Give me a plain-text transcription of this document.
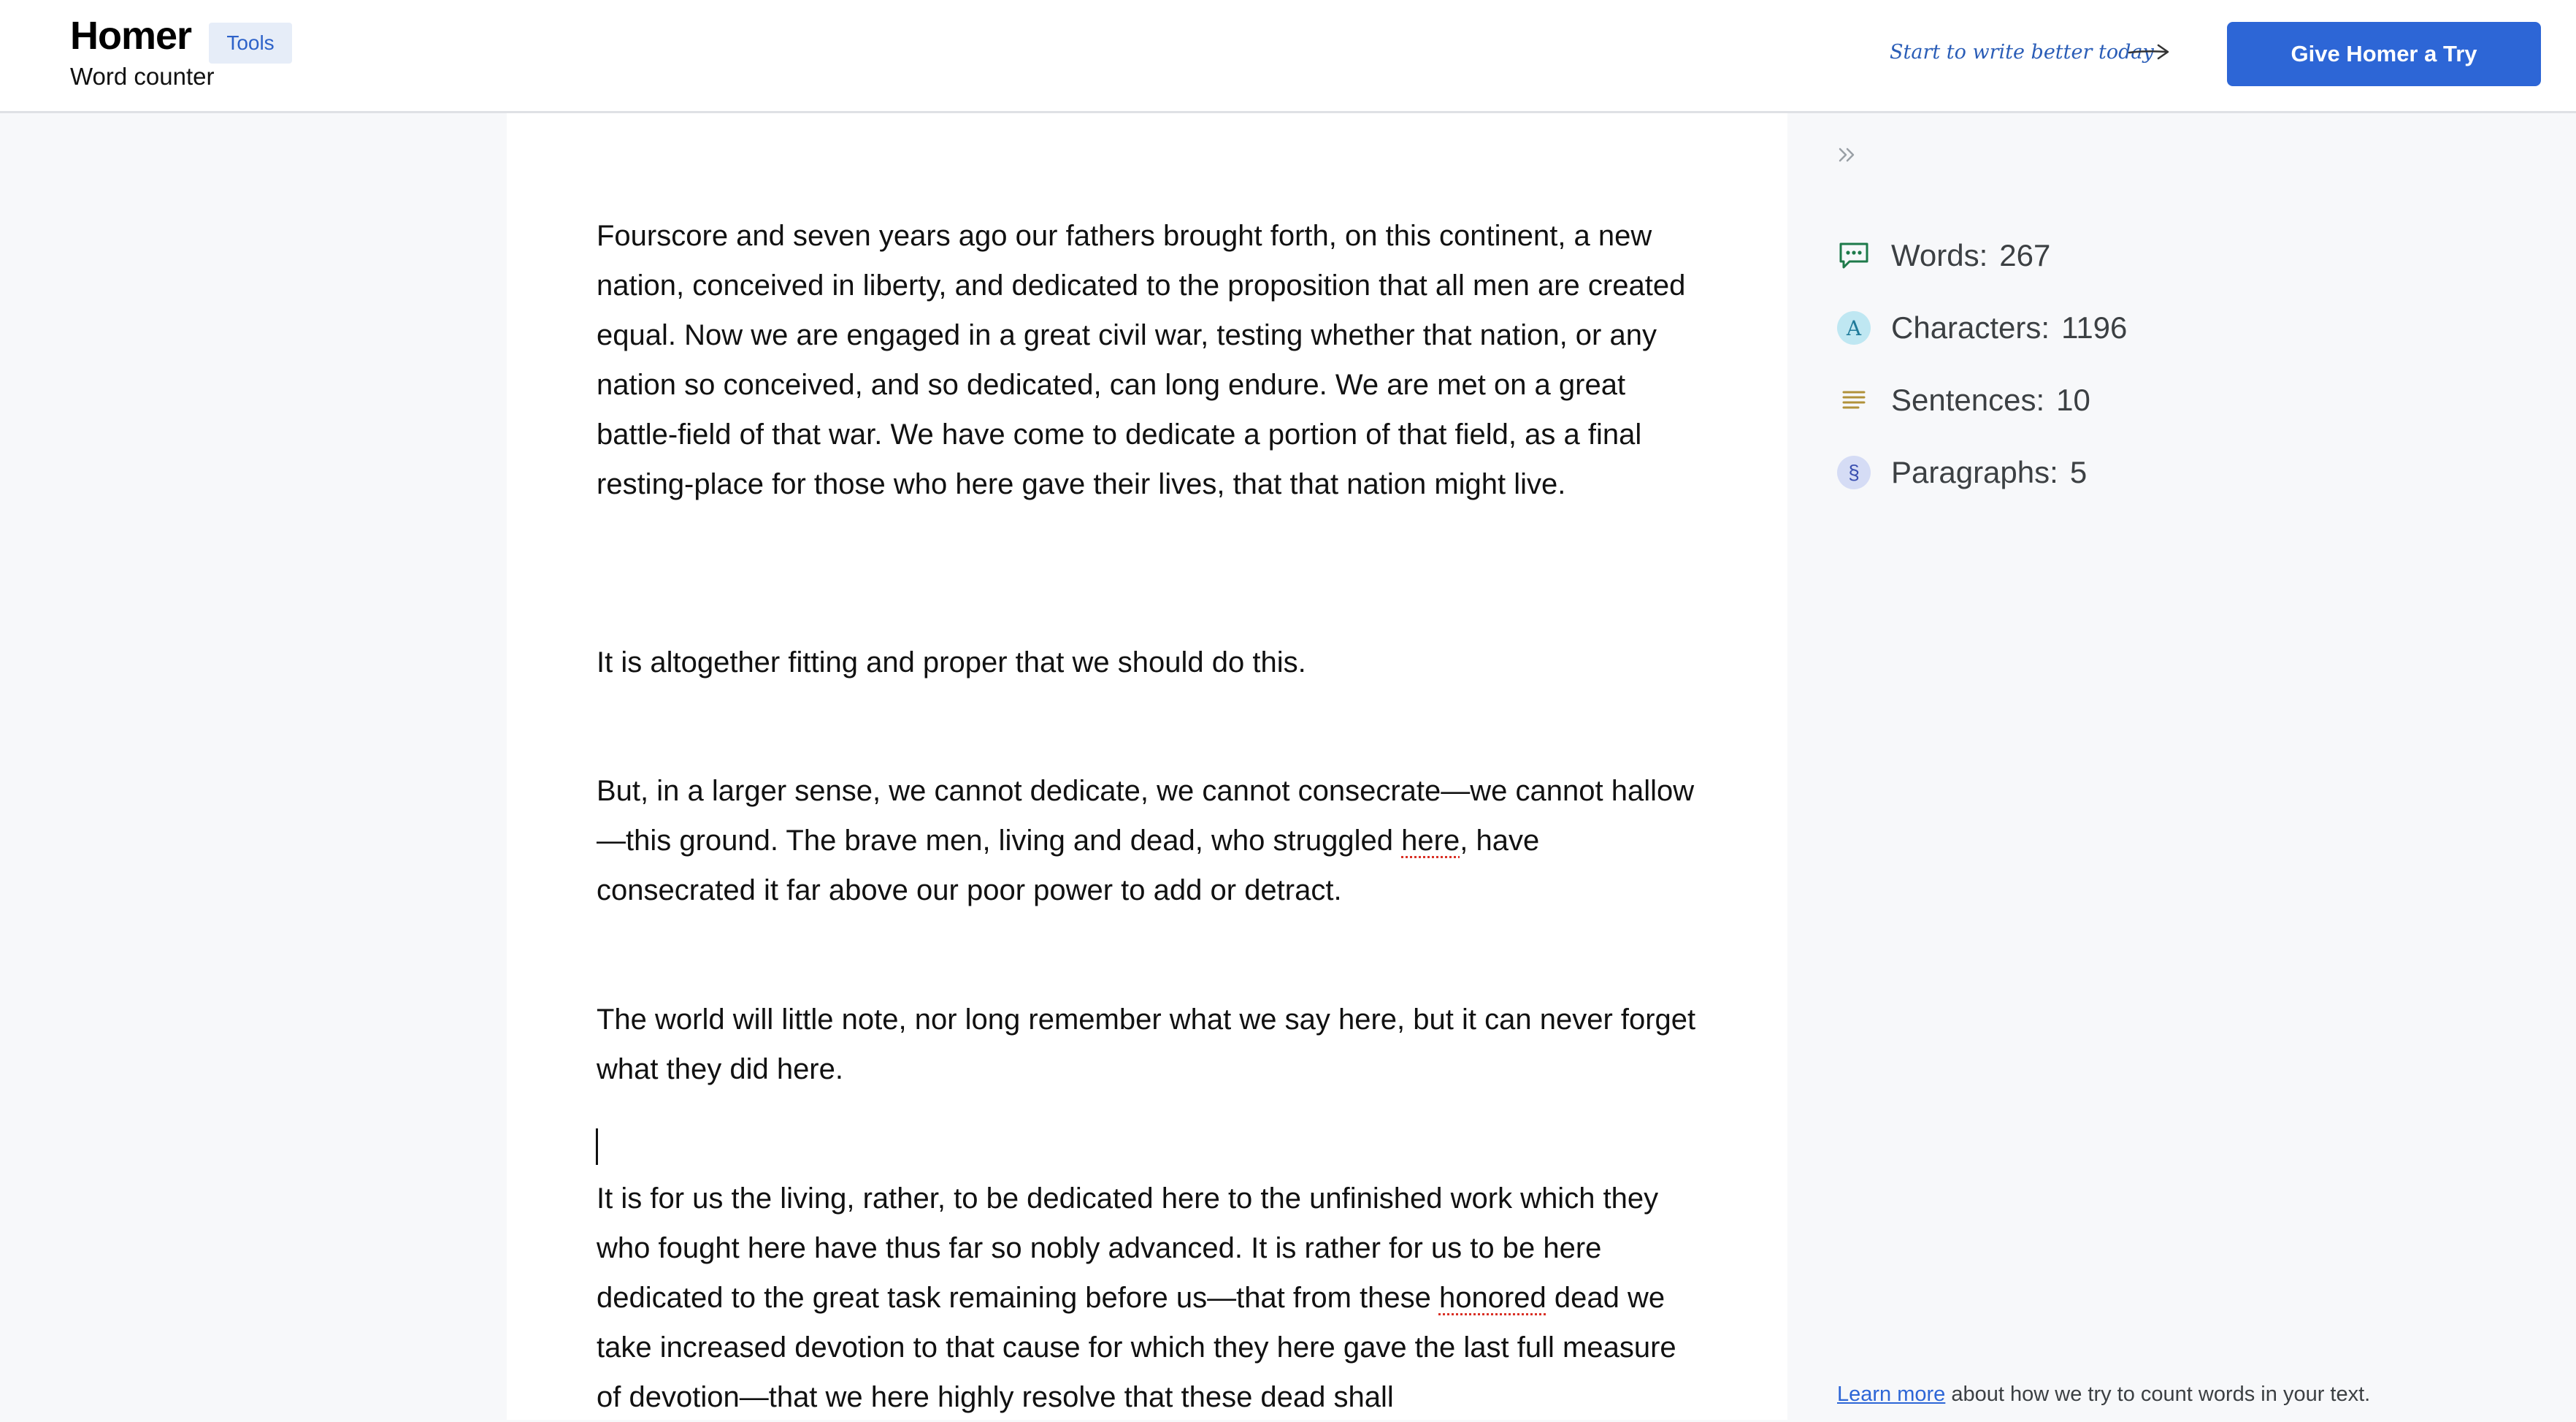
Homer	Tools
Word counter
Start to write better today	Give Homer a Try

Fourscore and seven years ago our fathers brought forth, on this continent, a new nation, conceived in liberty, and dedicated to the proposition that all men are created equal. Now we are engaged in a great civil war, testing whether that nation, or any nation so conceived, and so dedicated, can long endure. We are met on a great battle-field of that war. We have come to dedicate a portion of that field, as a final resting-place for those who here gave their lives, that that nation might live.

It is altogether fitting and proper that we should do this.

But, in a larger sense, we cannot dedicate, we cannot consecrate—we cannot hallow—this ground. The brave men, living and dead, who struggled here, have consecrated it far above our poor power to add or detract.

The world will little note, nor long remember what we say here, but it can never forget what they did here.

It is for us the living, rather, to be dedicated here to the unfinished work which they who fought here have thus far so nobly advanced. It is rather for us to be here dedicated to the great task remaining before us—that from these honored dead we take increased devotion to that cause for which they here gave the last full measure of devotion—that we here highly resolve that these dead shall

Words: 267
A Characters: 1196
Sentences: 10
§	Paragraphs: 5
Learn more about how we try to count words in your text.
